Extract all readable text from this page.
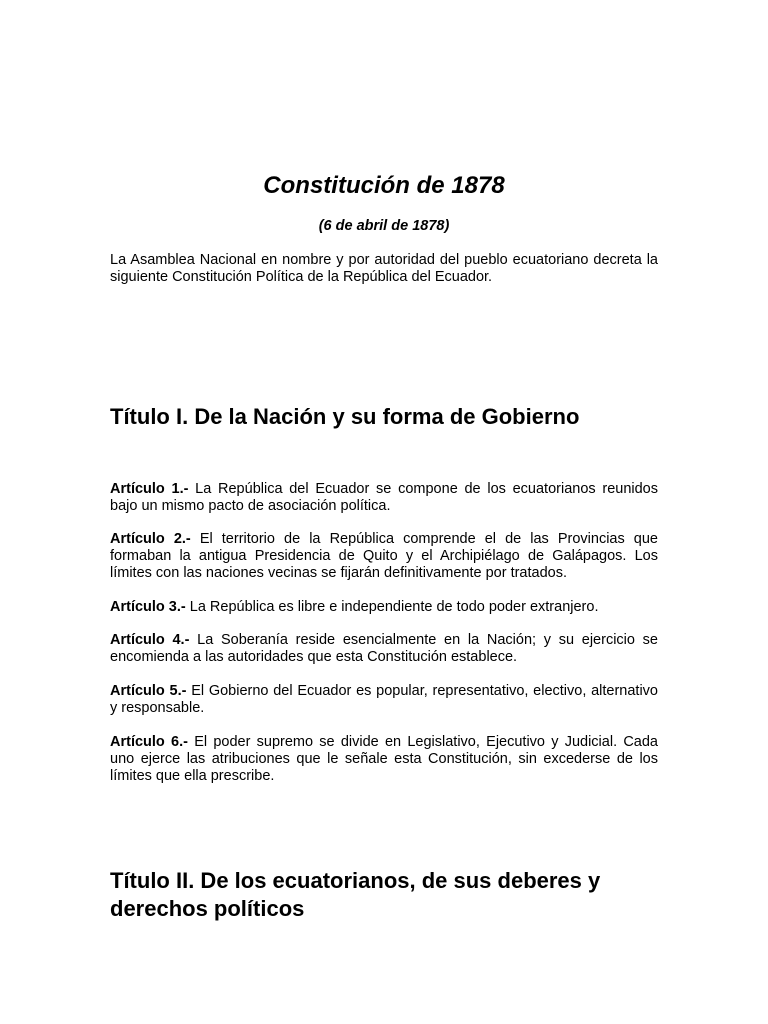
Constitución de 1878
(6 de abril de 1878)

La Asamblea Nacional en nombre y por autoridad del pueblo ecuatoriano decreta la siguiente Constitución Política de la República del Ecuador.

Título I. De la Nación y su forma de Gobierno

Artículo 1.- La República del Ecuador se compone de los ecuatorianos reunidos bajo un mismo pacto de asociación política.

Artículo 2.- El territorio de la República comprende el de las Provincias que formaban la antigua Presidencia de Quito y el Archipiélago de Galápagos. Los límites con las naciones vecinas se fijarán definitivamente por tratados.

Artículo 3.- La República es libre e independiente de todo poder extranjero.

Artículo 4.- La Soberanía reside esencialmente en la Nación; y su ejercicio se encomienda a las autoridades que esta Constitución establece.

Artículo 5.- El Gobierno del Ecuador es popular, representativo, electivo, alternativo y responsable.

Artículo 6.- El poder supremo se divide en Legislativo, Ejecutivo y Judicial. Cada uno ejerce las atribuciones que le señale esta Constitución, sin excederse de los límites que ella prescribe.

Título II. De los ecuatorianos, de sus deberes y derechos políticos
